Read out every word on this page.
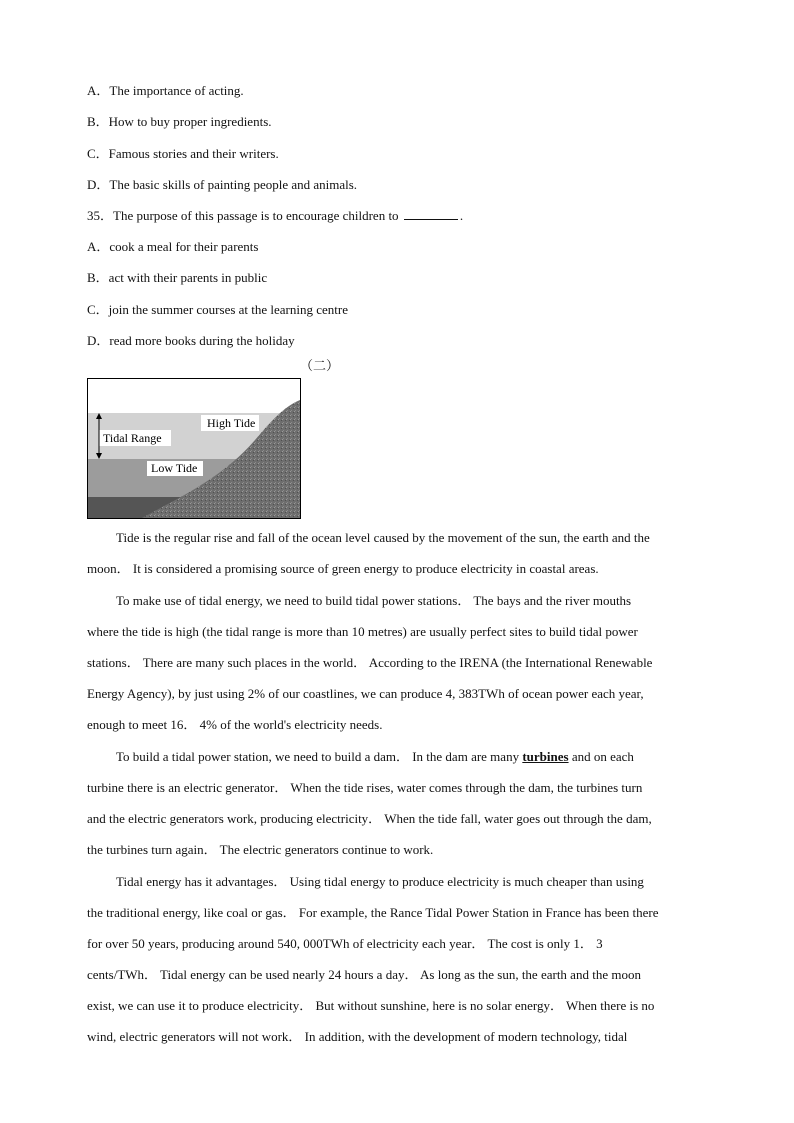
A．The importance of acting.
B．How to buy proper ingredients.
C．Famous stories and their writers.
D．The basic skills of painting people and animals.
35．The purpose of this passage is to encourage children to	.
A．cook a meal for their parents
B．act with their parents in public
C．join the summer courses at the learning centre
D．read more books during the holiday
（二）
High Tide
Tidal Range
Low Tide
Tide is the regular rise and fall of the ocean level caused by the movement of the sun, the earth and the
moon． It is considered a promising source of green energy to produce electricity in coastal areas.
To make use of tidal energy, we need to build tidal power stations． The bays and the river mouths
where the tide is high (the tidal range is more than 10 metres) are usually perfect sites to build tidal power
stations． There are many such places in the world． According to the IRENA (the International Renewable
Energy Agency), by just using 2% of our coastlines, we can produce 4, 383TWh of ocean power each year,
enough to meet 16． 4% of the world's electricity needs.
To build a tidal power station, we need to build a dam． In the dam are many turbines and on each
turbine there is an electric generator． When the tide rises, water comes through the dam, the turbines turn
and the electric generators work, producing electricity． When the tide fall, water goes out through the dam,
the turbines turn again． The electric generators continue to work.
Tidal energy has it advantages． Using tidal energy to produce electricity is much cheaper than using
the traditional energy, like coal or gas． For example, the Rance Tidal Power Station in France has been there
for over 50 years, producing around 540, 000TWh of electricity each year． The cost is only 1． 3
cents/TWh． Tidal energy can be used nearly 24 hours a day． As long as the sun, the earth and the moon
exist, we can use it to produce electricity． But without sunshine, here is no solar energy． When there is no
wind, electric generators will not work． In addition, with the development of modern technology, tidal
